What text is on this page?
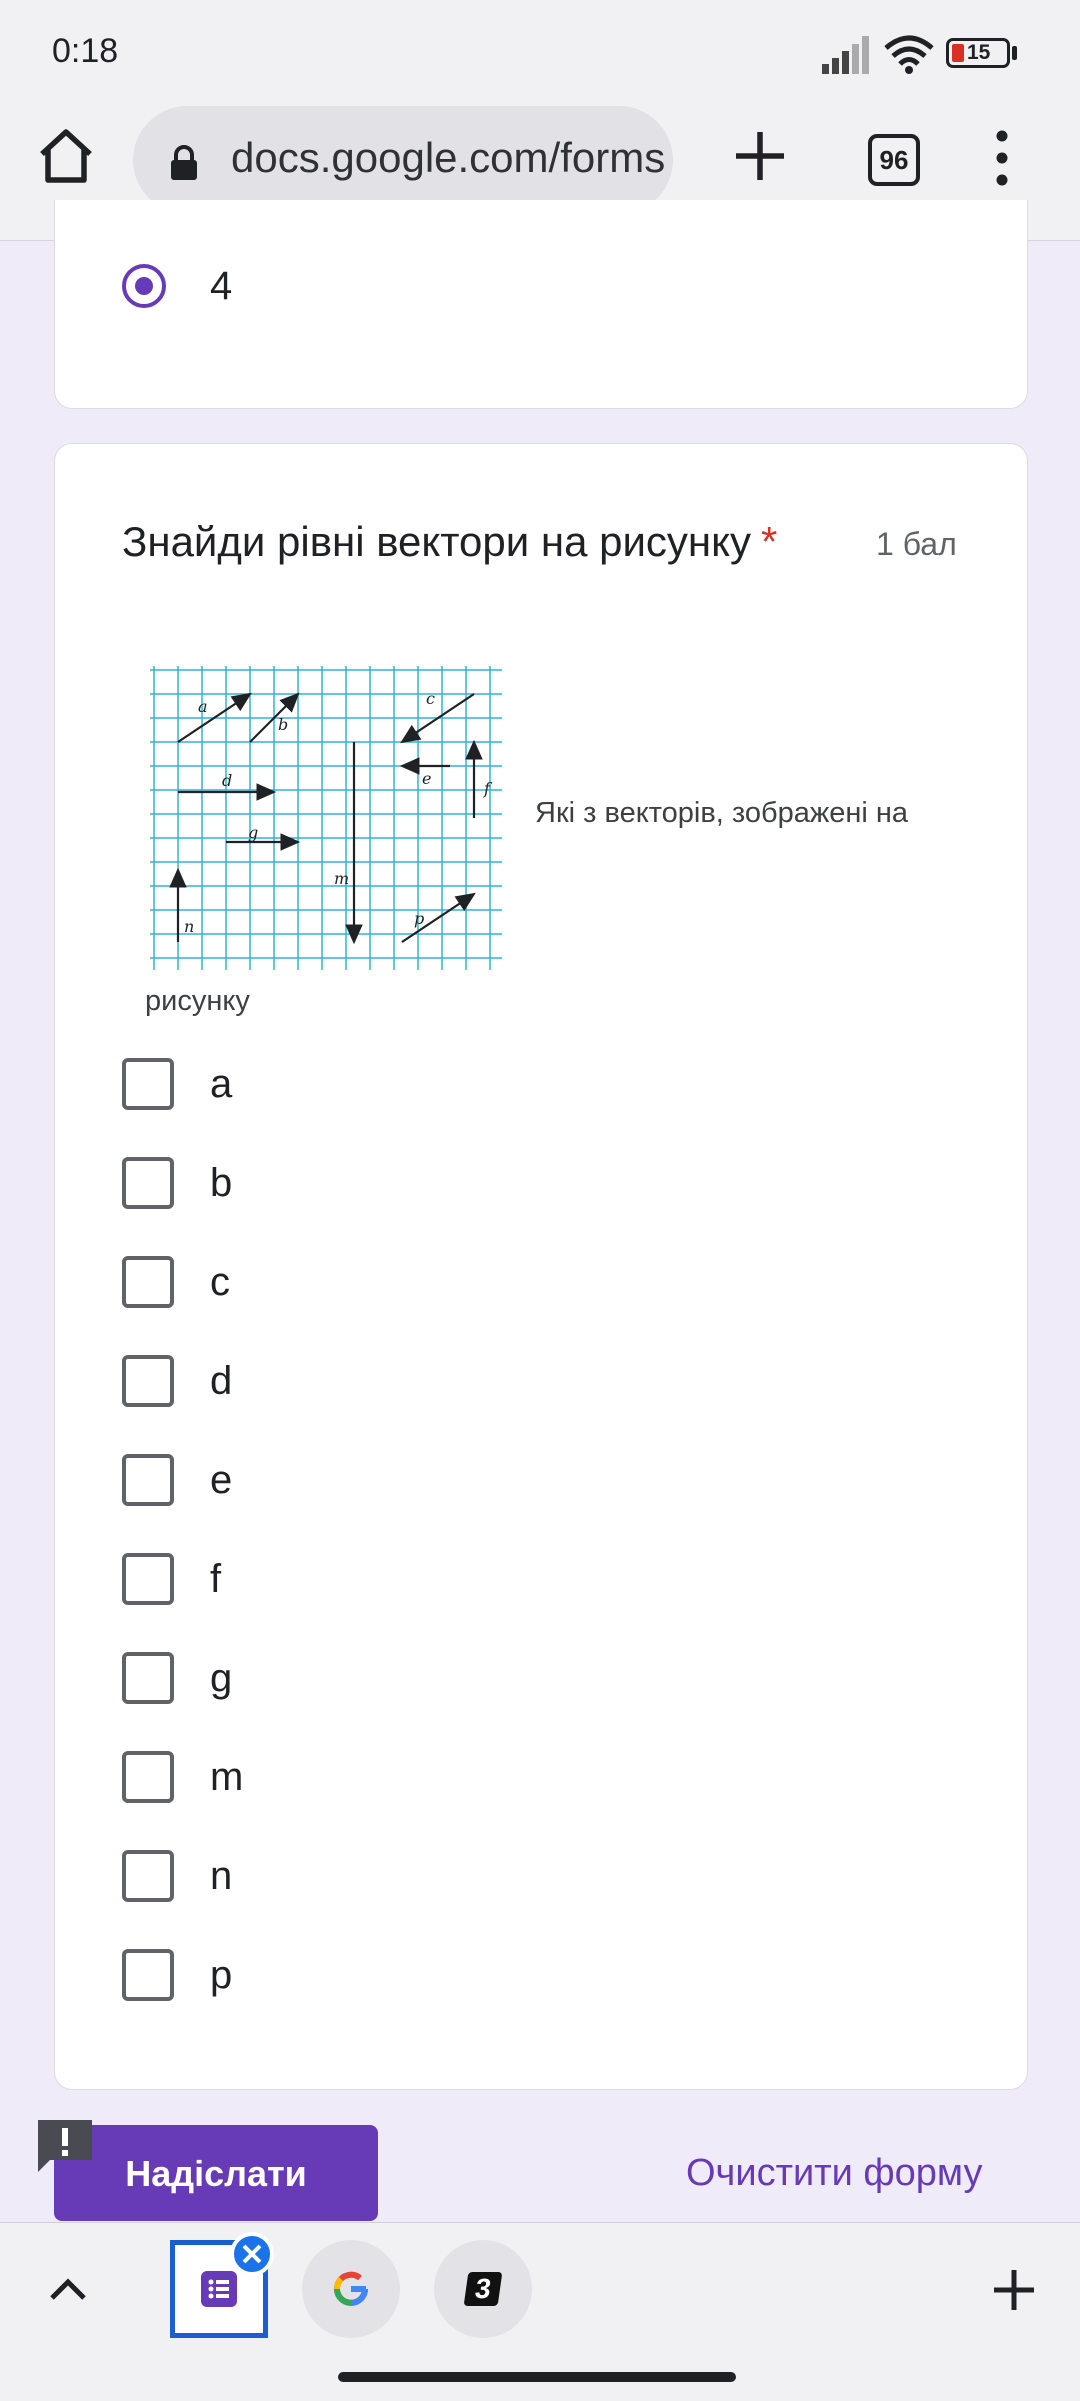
0:18	15
docs.google.com/forms	96
4
Знайди рівні вектори на рисунку *	1 бал
a
b
c
d	e
f
g
m
n	p
Які з векторів, зображені на
рисунку
a
b
c
d
e
f
g
m
n
p
Надіслати	Очистити форму
3
